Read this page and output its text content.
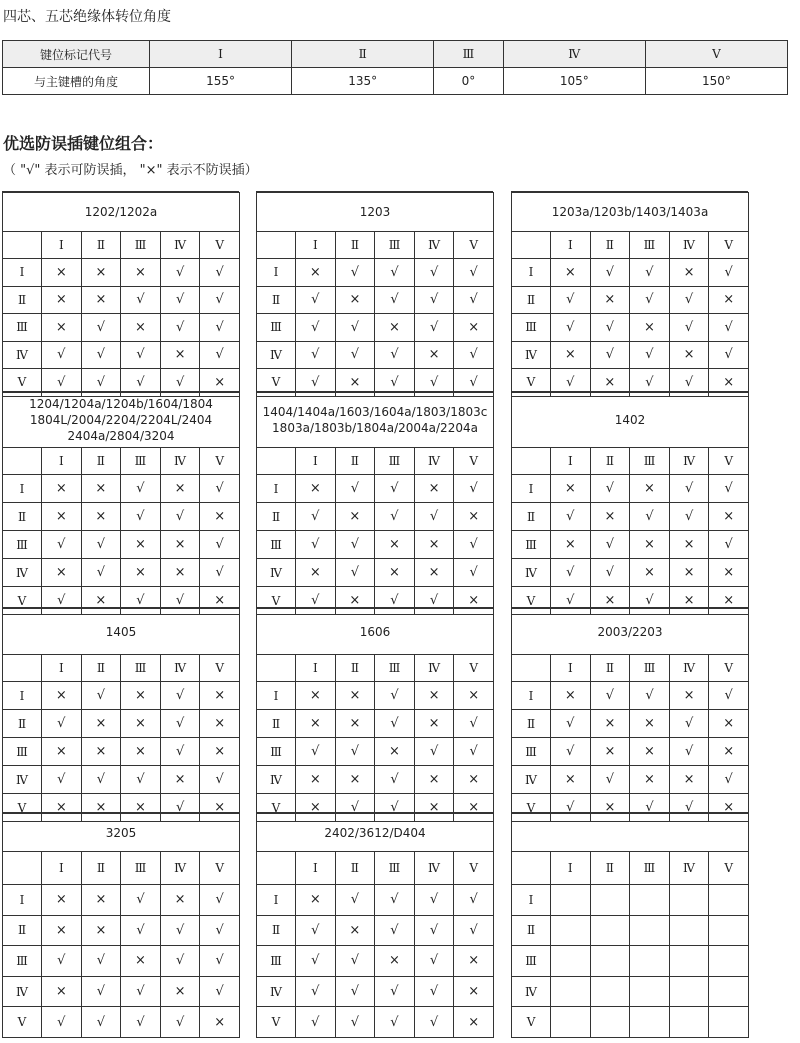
四芯、五芯绝缘体转位角度
键位标记代号	Ⅰ	Ⅱ	Ⅲ	Ⅳ	Ⅴ
与主键槽的角度	155°	135°	0°	105°	150°
优选防误插键位组合：
（ "√" 表示可防误插， "×" 表示不防误插）
1202/1202a					
	Ⅰ	Ⅱ	Ⅲ	Ⅳ	Ⅴ
Ⅰ	×	×	×	√	√
Ⅱ	×	×	√	√	√
Ⅲ	×	√	×	√	√
Ⅳ	√	√	√	×	√
Ⅴ	√	√	√	√	×
1203					
	Ⅰ	Ⅱ	Ⅲ	Ⅳ	Ⅴ
Ⅰ	×	√	√	√	√
Ⅱ	√	×	√	√	√
Ⅲ	√	√	×	√	×
Ⅳ	√	√	√	×	√
Ⅴ	√	×	√	√	√
1203a/1203b/1403/1403a					
	Ⅰ	Ⅱ	Ⅲ	Ⅳ	Ⅴ
Ⅰ	×	√	√	×	√
Ⅱ	√	×	√	√	×
Ⅲ	√	√	×	√	√
Ⅳ	×	√	√	×	√
Ⅴ	√	×	√	√	×
1204/1204a/1204b/1604/1804
1804L/2004/2204/2204L/2404
2404a/2804/3204					
	Ⅰ	Ⅱ	Ⅲ	Ⅳ	Ⅴ
Ⅰ	×	×	√	×	√
Ⅱ	×	×	√	√	×
Ⅲ	√	√	×	×	√
Ⅳ	×	√	×	×	√
Ⅴ	√	×	√	√	×
1404/1404a/1603/1604a/1803/1803c
1803a/1803b/1804a/2004a/2204a					
	Ⅰ	Ⅱ	Ⅲ	Ⅳ	Ⅴ
Ⅰ	×	√	√	×	√
Ⅱ	√	×	√	√	×
Ⅲ	√	√	×	×	√
Ⅳ	×	√	×	×	√
Ⅴ	√	×	√	√	×
1402					
	Ⅰ	Ⅱ	Ⅲ	Ⅳ	Ⅴ
Ⅰ	×	√	×	√	√
Ⅱ	√	×	√	√	×
Ⅲ	×	√	×	×	√
Ⅳ	√	√	×	×	×
Ⅴ	√	×	√	×	×
1405					
	Ⅰ	Ⅱ	Ⅲ	Ⅳ	Ⅴ
Ⅰ	×	√	×	√	×
Ⅱ	√	×	×	√	×
Ⅲ	×	×	×	√	×
Ⅳ	√	√	√	×	√
Ⅴ	×	×	×	√	×
1606					
	Ⅰ	Ⅱ	Ⅲ	Ⅳ	Ⅴ
Ⅰ	×	×	√	×	×
Ⅱ	×	×	√	×	√
Ⅲ	√	√	×	√	√
Ⅳ	×	×	√	×	×
Ⅴ	×	√	√	×	×
2003/2203					
	Ⅰ	Ⅱ	Ⅲ	Ⅳ	Ⅴ
Ⅰ	×	√	√	×	√
Ⅱ	√	×	×	√	×
Ⅲ	√	×	×	√	×
Ⅳ	×	√	×	×	√
Ⅴ	√	×	√	√	×
3205					
	Ⅰ	Ⅱ	Ⅲ	Ⅳ	Ⅴ
Ⅰ	×	×	√	×	√
Ⅱ	×	×	√	√	√
Ⅲ	√	√	×	√	√
Ⅳ	×	√	√	×	√
Ⅴ	√	√	√	√	×
2402/3612/D404					
	Ⅰ	Ⅱ	Ⅲ	Ⅳ	Ⅴ
Ⅰ	×	√	√	√	√
Ⅱ	√	×	√	√	√
Ⅲ	√	√	×	√	×
Ⅳ	√	√	√	√	×
Ⅴ	√	√	√	√	×

	Ⅰ	Ⅱ	Ⅲ	Ⅳ	Ⅴ
Ⅰ					
Ⅱ					
Ⅲ					
Ⅳ					
Ⅴ					
